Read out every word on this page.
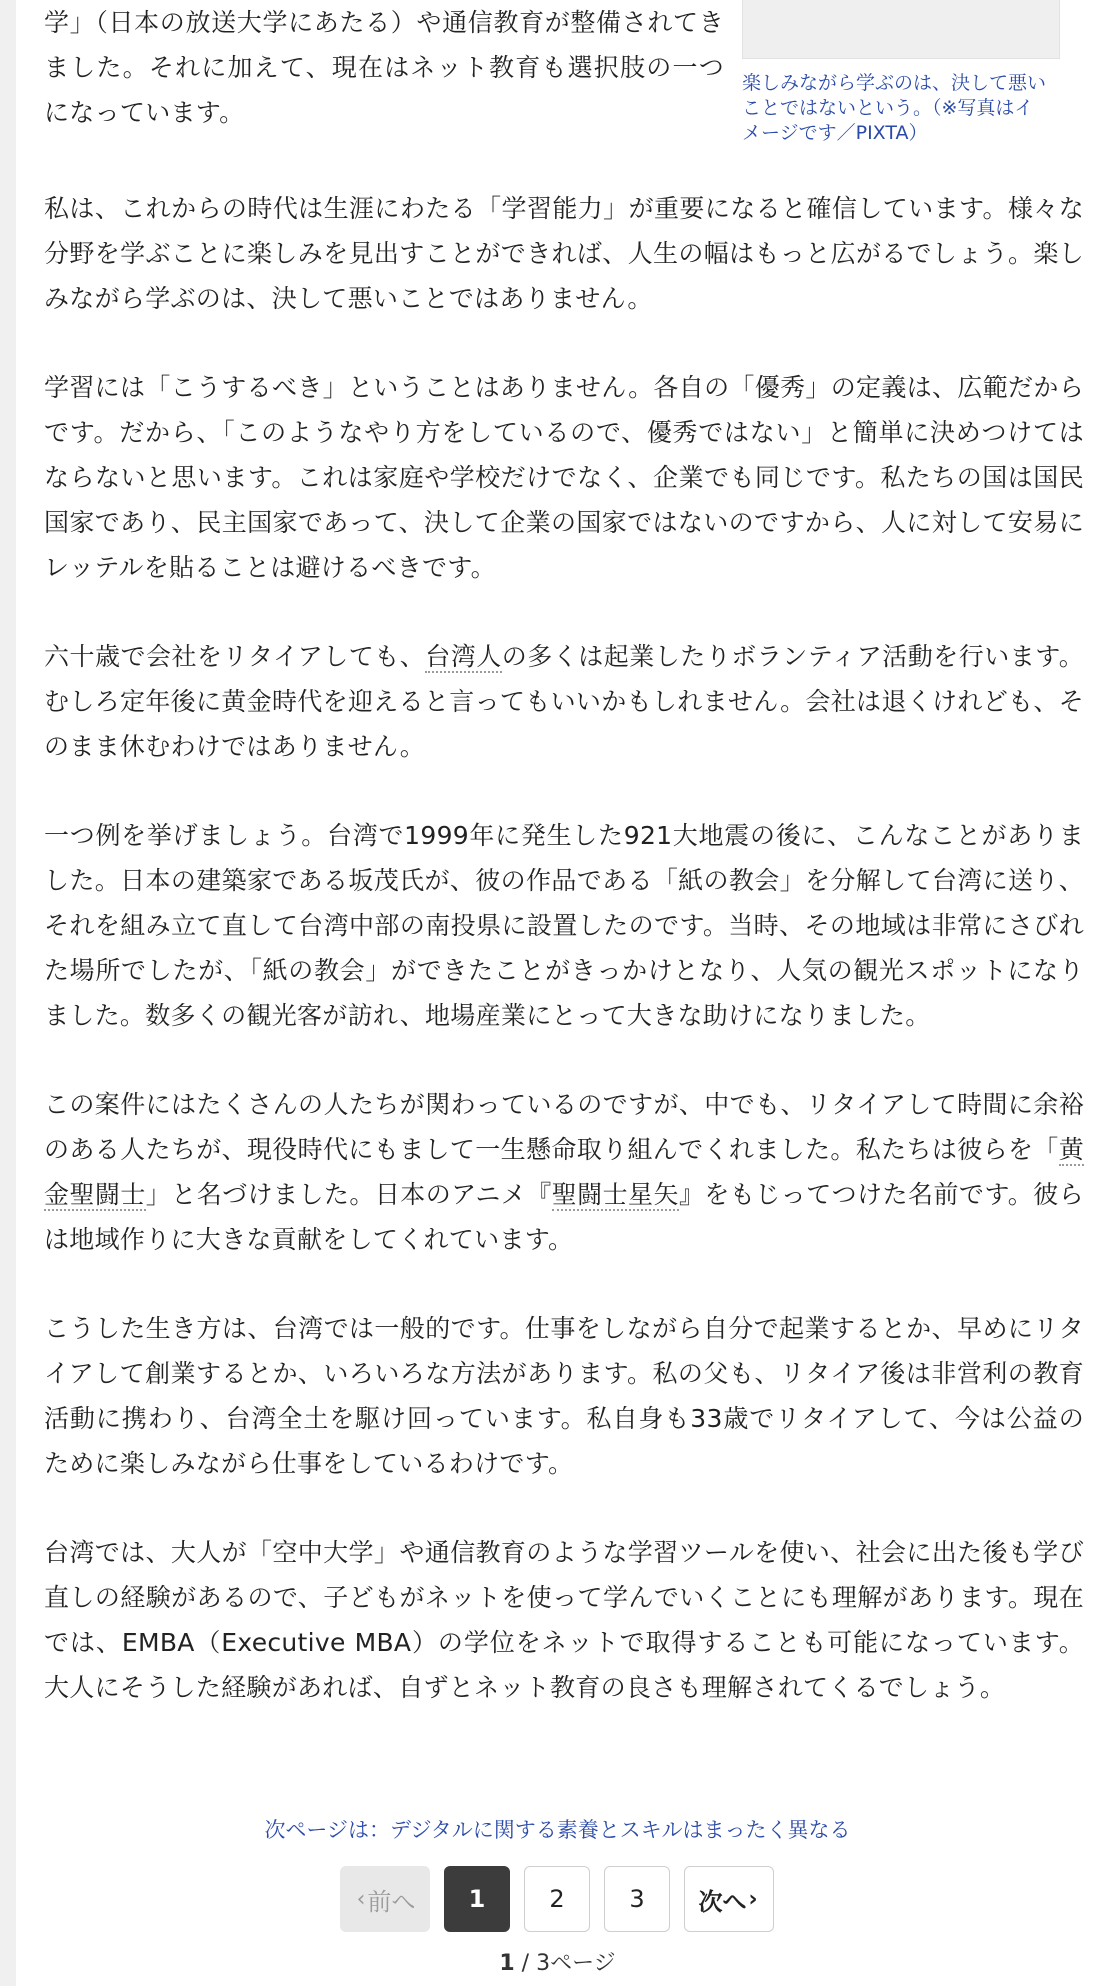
学」（日本の放送大学にあたる）や通信教育が整備されてきました。それに加えて、現在はネット教育も選択肢の一つになっています。

楽しみながら学ぶのは、決して悪いことではないという。（※写真はイメージです／PIXTA）

私は、これからの時代は生涯にわたる「学習能力」が重要になると確信しています。様々な分野を学ぶことに楽しみを見出すことができれば、人生の幅はもっと広がるでしょう。楽しみながら学ぶのは、決して悪いことではありません。

学習には「こうするべき」ということはありません。各自の「優秀」の定義は、広範だからです。だから、「このようなやり方をしているので、優秀ではない」と簡単に決めつけてはならないと思います。これは家庭や学校だけでなく、企業でも同じです。私たちの国は国民国家であり、民主国家であって、決して企業の国家ではないのですから、人に対して安易にレッテルを貼ることは避けるべきです。

六十歳で会社をリタイアしても、台湾人の多くは起業したりボランティア活動を行います。むしろ定年後に黄金時代を迎えると言ってもいいかもしれません。会社は退くけれども、そのまま休むわけではありません。

一つ例を挙げましょう。台湾で1999年に発生した921大地震の後に、こんなことがありました。日本の建築家である坂茂氏が、彼の作品である「紙の教会」を分解して台湾に送り、それを組み立て直して台湾中部の南投県に設置したのです。当時、その地域は非常にさびれた場所でしたが、「紙の教会」ができたことがきっかけとなり、人気の観光スポットになりました。数多くの観光客が訪れ、地場産業にとって大きな助けになりました。

この案件にはたくさんの人たちが関わっているのですが、中でも、リタイアして時間に余裕のある人たちが、現役時代にもまして一生懸命取り組んでくれました。私たちは彼らを「黄金聖闘士」と名づけました。日本のアニメ『聖闘士星矢』をもじってつけた名前です。彼らは地域作りに大きな貢献をしてくれています。

こうした生き方は、台湾では一般的です。仕事をしながら自分で起業するとか、早めにリタイアして創業するとか、いろいろな方法があります。私の父も、リタイア後は非営利の教育活動に携わり、台湾全土を駆け回っています。私自身も33歳でリタイアして、今は公益のために楽しみながら仕事をしているわけです。

台湾では、大人が「空中大学」や通信教育のような学習ツールを使い、社会に出た後も学び直しの経験があるので、子どもがネットを使って学んでいくことにも理解があります。現在では、EMBA（Executive MBA）の学位をネットで取得することも可能になっています。大人にそうした経験があれば、自ずとネット教育の良さも理解されてくるでしょう。

次ページは：デジタルに関する素養とスキルはまったく異なる
‹ 前へ	1	2	3	次へ ›
1 / 3ページ
